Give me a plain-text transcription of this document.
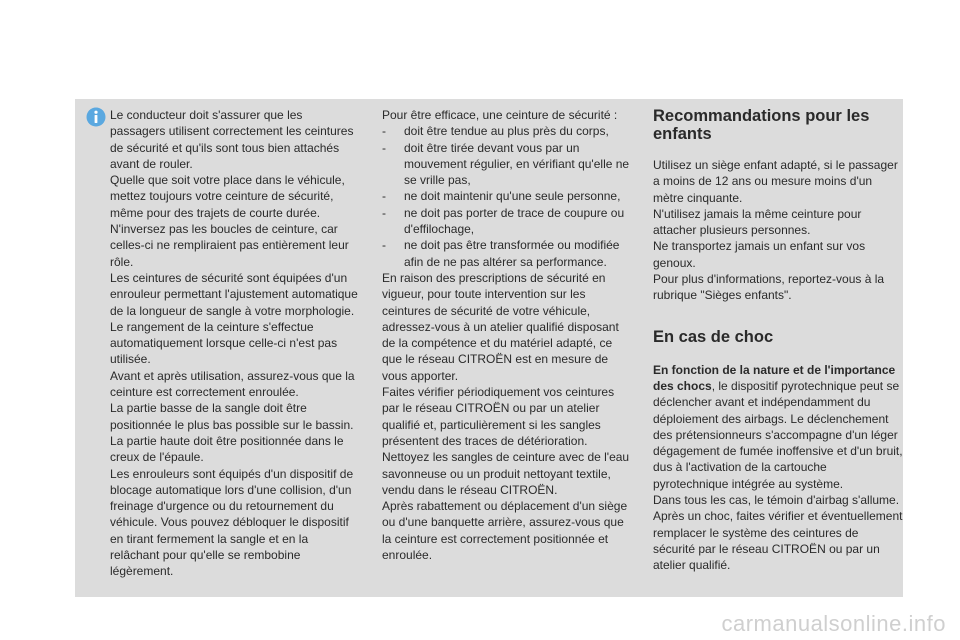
Le conducteur doit s'assurer que les passagers utilisent correctement les ceintures de sécurité et qu'ils sont tous bien attachés avant de rouler.

Quelle que soit votre place dans le véhicule, mettez toujours votre ceinture de sécurité, même pour des trajets de courte durée.

N'inversez pas les boucles de ceinture, car celles-ci ne rempliraient pas entièrement leur rôle.

Les ceintures de sécurité sont équipées d'un enrouleur permettant l'ajustement automatique de la longueur de sangle à votre morphologie. Le rangement de la ceinture s'effectue automatiquement lorsque celle-ci n'est pas utilisée.

Avant et après utilisation, assurez-vous que la ceinture est correctement enroulée.

La partie basse de la sangle doit être positionnée le plus bas possible sur le bassin.

La partie haute doit être positionnée dans le creux de l'épaule.

Les enrouleurs sont équipés d'un dispositif de blocage automatique lors d'une collision, d'un freinage d'urgence ou du retournement du véhicule. Vous pouvez débloquer le dispositif en tirant fermement la sangle et en la relâchant pour qu'elle se rembobine légèrement.

Pour être efficace, une ceinture de sécurité :

- doit être tendue au plus près du corps,

- doit être tirée devant vous par un mouvement régulier, en vérifiant qu'elle ne se vrille pas,

- ne doit maintenir qu'une seule personne,

- ne doit pas porter de trace de coupure ou d'effilochage,

- ne doit pas être transformée ou modifiée afin de ne pas altérer sa performance.

En raison des prescriptions de sécurité en vigueur, pour toute intervention sur les ceintures de sécurité de votre véhicule, adressez-vous à un atelier qualifié disposant de la compétence et du matériel adapté, ce que le réseau CITROËN est en mesure de vous apporter.

Faites vérifier périodiquement vos ceintures par le réseau CITROËN ou par un atelier qualifié et, particulièrement si les sangles présentent des traces de détérioration.

Nettoyez les sangles de ceinture avec de l'eau savonneuse ou un produit nettoyant textile, vendu dans le réseau CITROËN.

Après rabattement ou déplacement d'un siège ou d'une banquette arrière, assurez-vous que la ceinture est correctement positionnée et enroulée.

Recommandations pour les enfants

Utilisez un siège enfant adapté, si le passager a moins de 12 ans ou mesure moins d'un mètre cinquante.

N'utilisez jamais la même ceinture pour attacher plusieurs personnes.

Ne transportez jamais un enfant sur vos genoux.

Pour plus d'informations, reportez-vous à la rubrique "Sièges enfants".

En cas de choc

En fonction de la nature et de l'importance des chocs, le dispositif pyrotechnique peut se déclencher avant et indépendamment du déploiement des airbags. Le déclenchement des prétensionneurs s'accompagne d'un léger dégagement de fumée inoffensive et d'un bruit, dus à l'activation de la cartouche pyrotechnique intégrée au système.

Dans tous les cas, le témoin d'airbag s'allume.

Après un choc, faites vérifier et éventuellement remplacer le système des ceintures de sécurité par le réseau CITROËN ou par un atelier qualifié.

carmanualsonline.info
